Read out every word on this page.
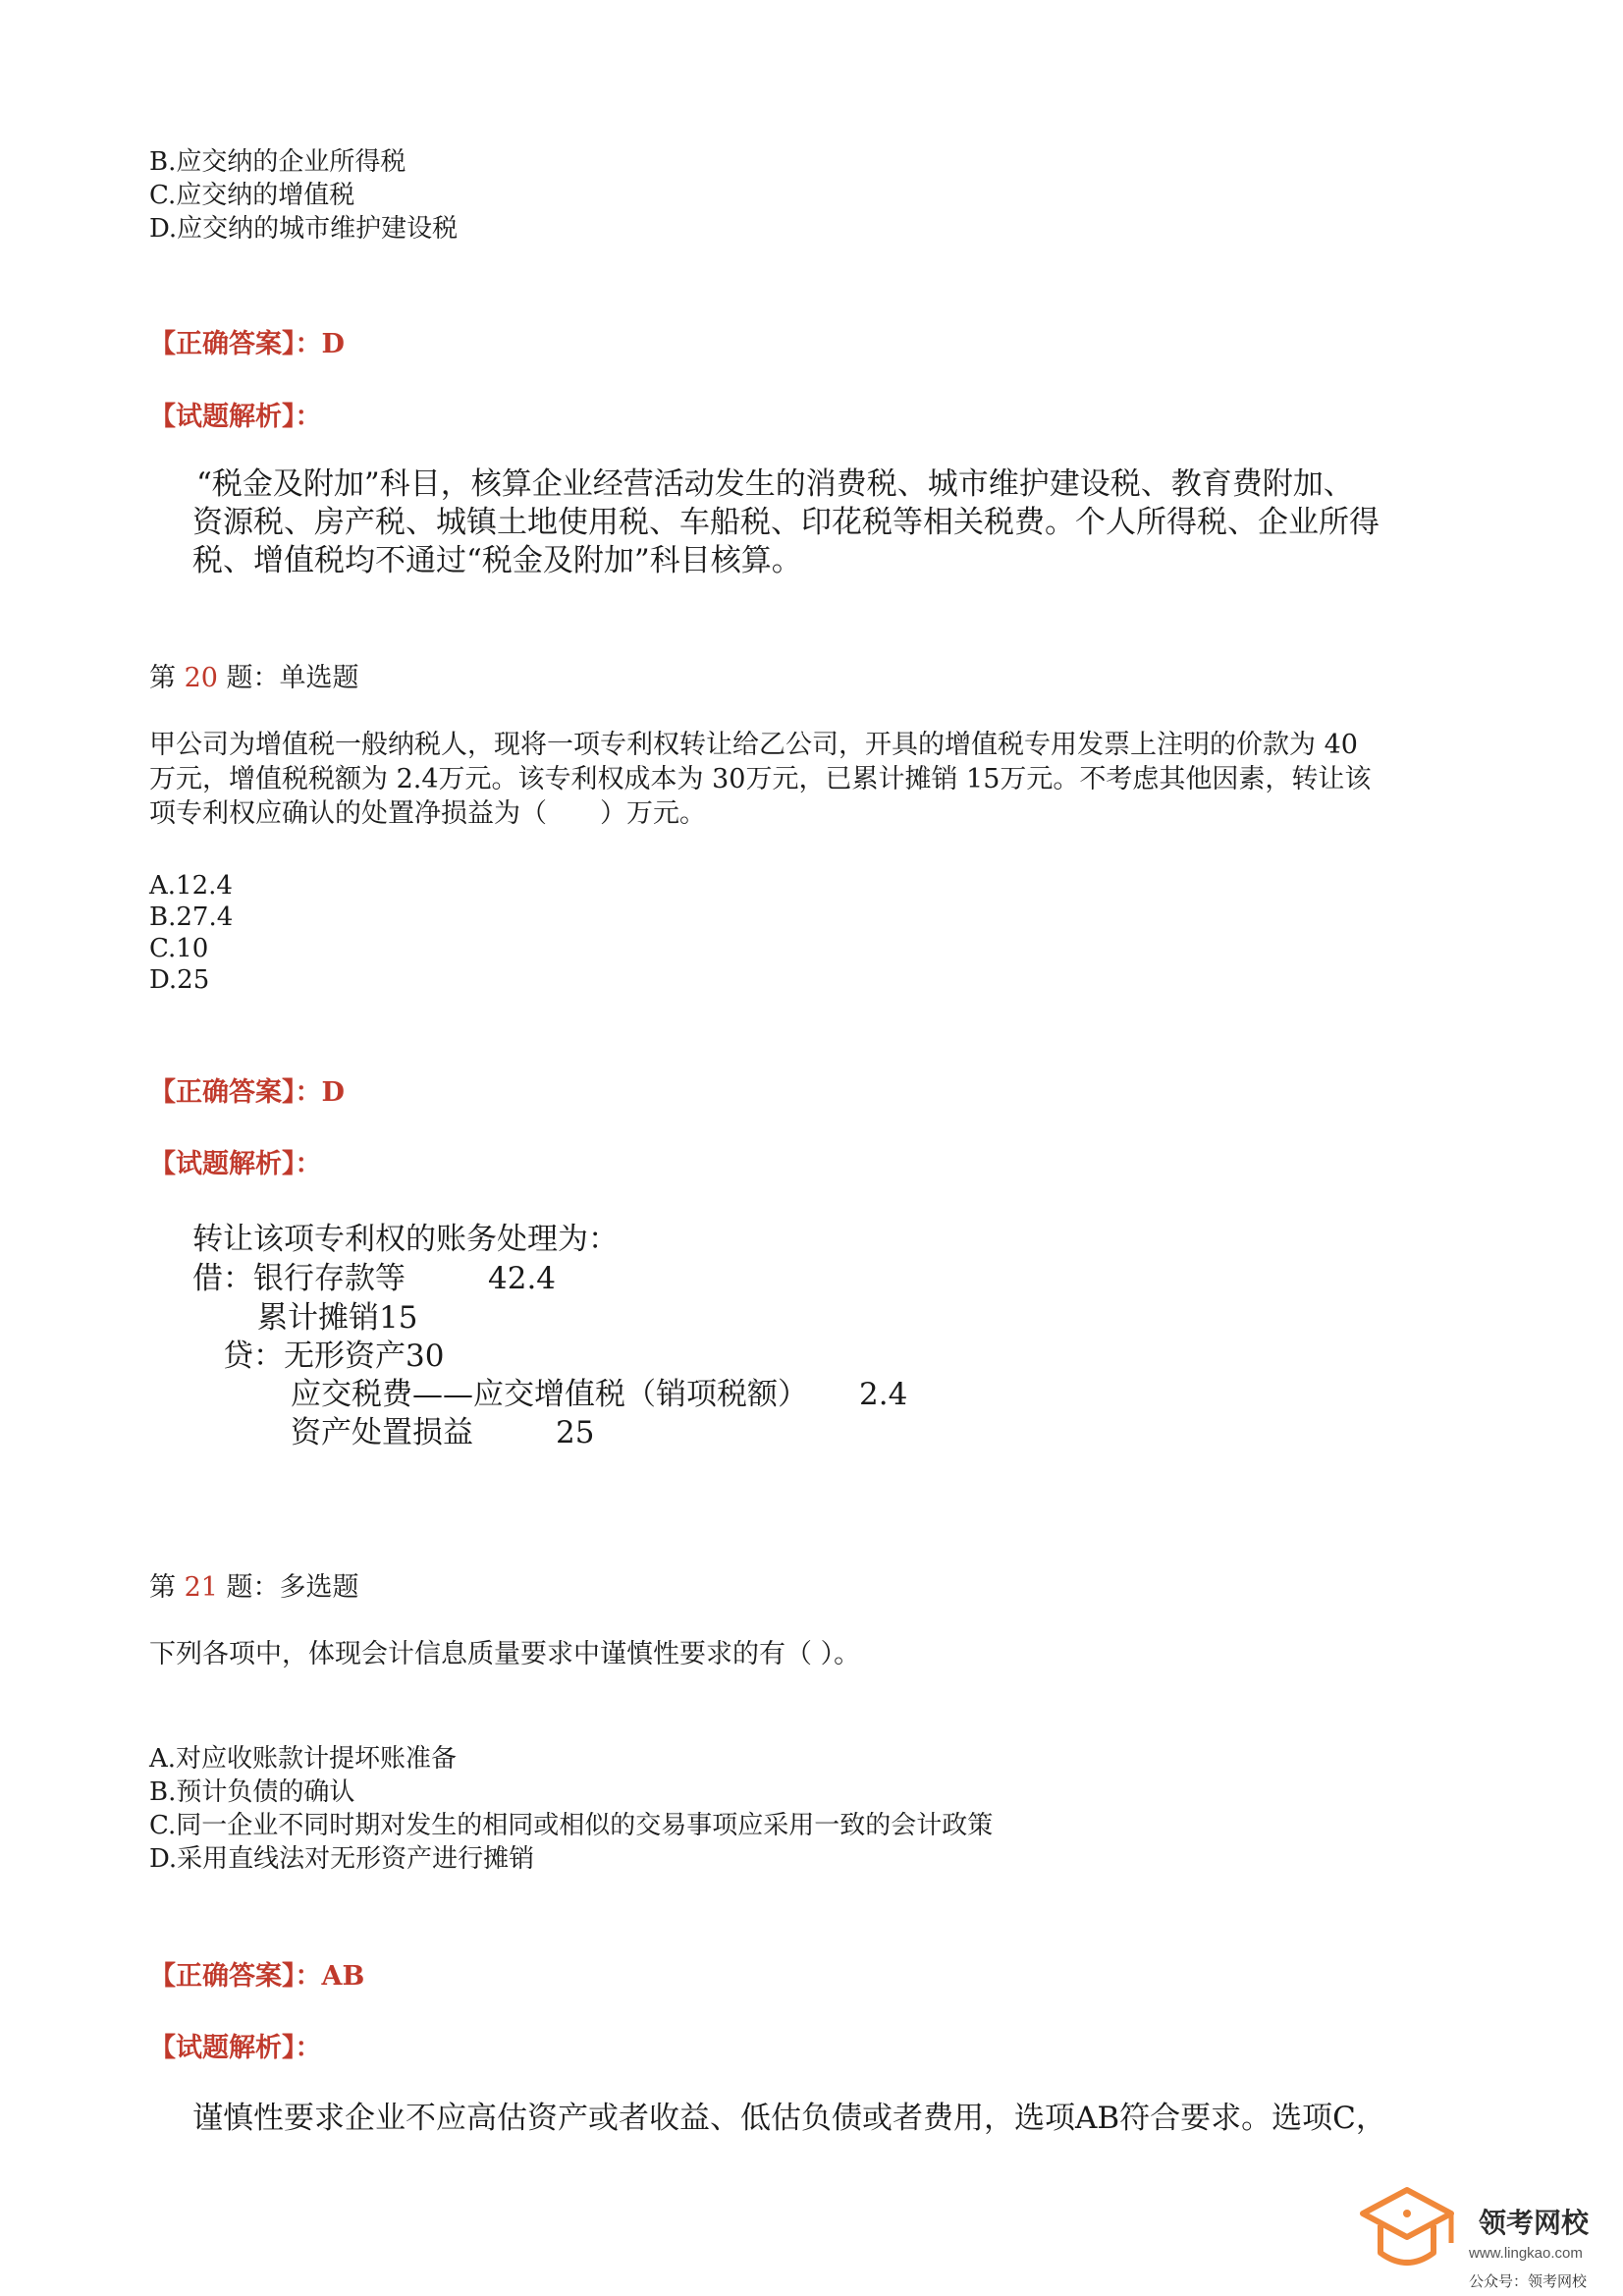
B.应交纳的企业所得税
C.应交纳的增值税
D.应交纳的城市维护建设税
【正确答案】：D
【试题解析】：
“税金及附加”科目，核算企业经营活动发生的消费税、城市维护建设税、教育费附加、
资源税、房产税、城镇土地使用税、车船税、印花税等相关税费。个人所得税、企业所得
税、增值税均不通过“税金及附加”科目核算。
第 20 题：单选题
甲公司为增值税一般纳税人，现将一项专利权转让给乙公司，开具的增值税专用发票上注明的价款为 40
万元，增值税税额为 2.4万元。该专利权成本为 30万元，已累计摊销 15万元。不考虑其他因素，转让该
项专利权应确认的处置净损益为（　　）万元。
A.12.4
B.27.4
C.10
D.25
【正确答案】：D
【试题解析】：
转让该项专利权的账务处理为：
借：银行存款等	42.4
累计摊销15
贷：无形资产30
应交税费——应交增值税（销项税额） 2.4
资产处置损益	25
第 21 题：多选题
下列各项中，体现会计信息质量要求中谨慎性要求的有（ ）。
A.对应收账款计提坏账准备
B.预计负债的确认
C.同一企业不同时期对发生的相同或相似的交易事项应采用一致的会计政策
D.采用直线法对无形资产进行摊销
【正确答案】：AB
【试题解析】：
谨慎性要求企业不应高估资产或者收益、低估负债或者费用，选项AB符合要求。选项C，
领考网校
www.lingkao.com
公众号：领考网校
